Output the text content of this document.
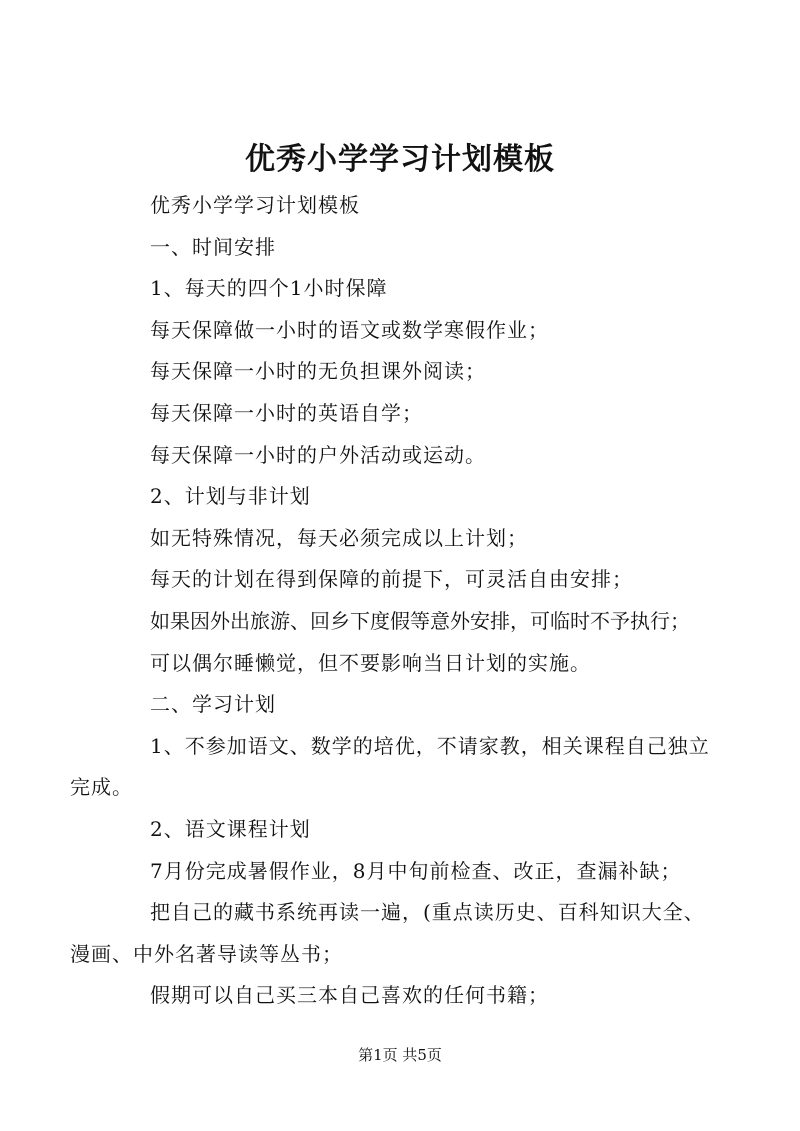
优秀小学学习计划模板

优秀小学学习计划模板

一、时间安排

1、每天的四个1小时保障

每天保障做一小时的语文或数学寒假作业；

每天保障一小时的无负担课外阅读；

每天保障一小时的英语自学；

每天保障一小时的户外活动或运动。

2、计划与非计划

如无特殊情况，每天必须完成以上计划；

每天的计划在得到保障的前提下，可灵活自由安排；

如果因外出旅游、回乡下度假等意外安排，可临时不予执行；

可以偶尔睡懒觉，但不要影响当日计划的实施。

二、学习计划

1、不参加语文、数学的培优，不请家教，相关课程自己独立完成。

2、语文课程计划

7月份完成暑假作业，8月中旬前检查、改正，查漏补缺；

把自己的藏书系统再读一遍，(重点读历史、百科知识大全、漫画、中外名著导读等丛书；

假期可以自己买三本自己喜欢的任何书籍；

第1页 共5页
